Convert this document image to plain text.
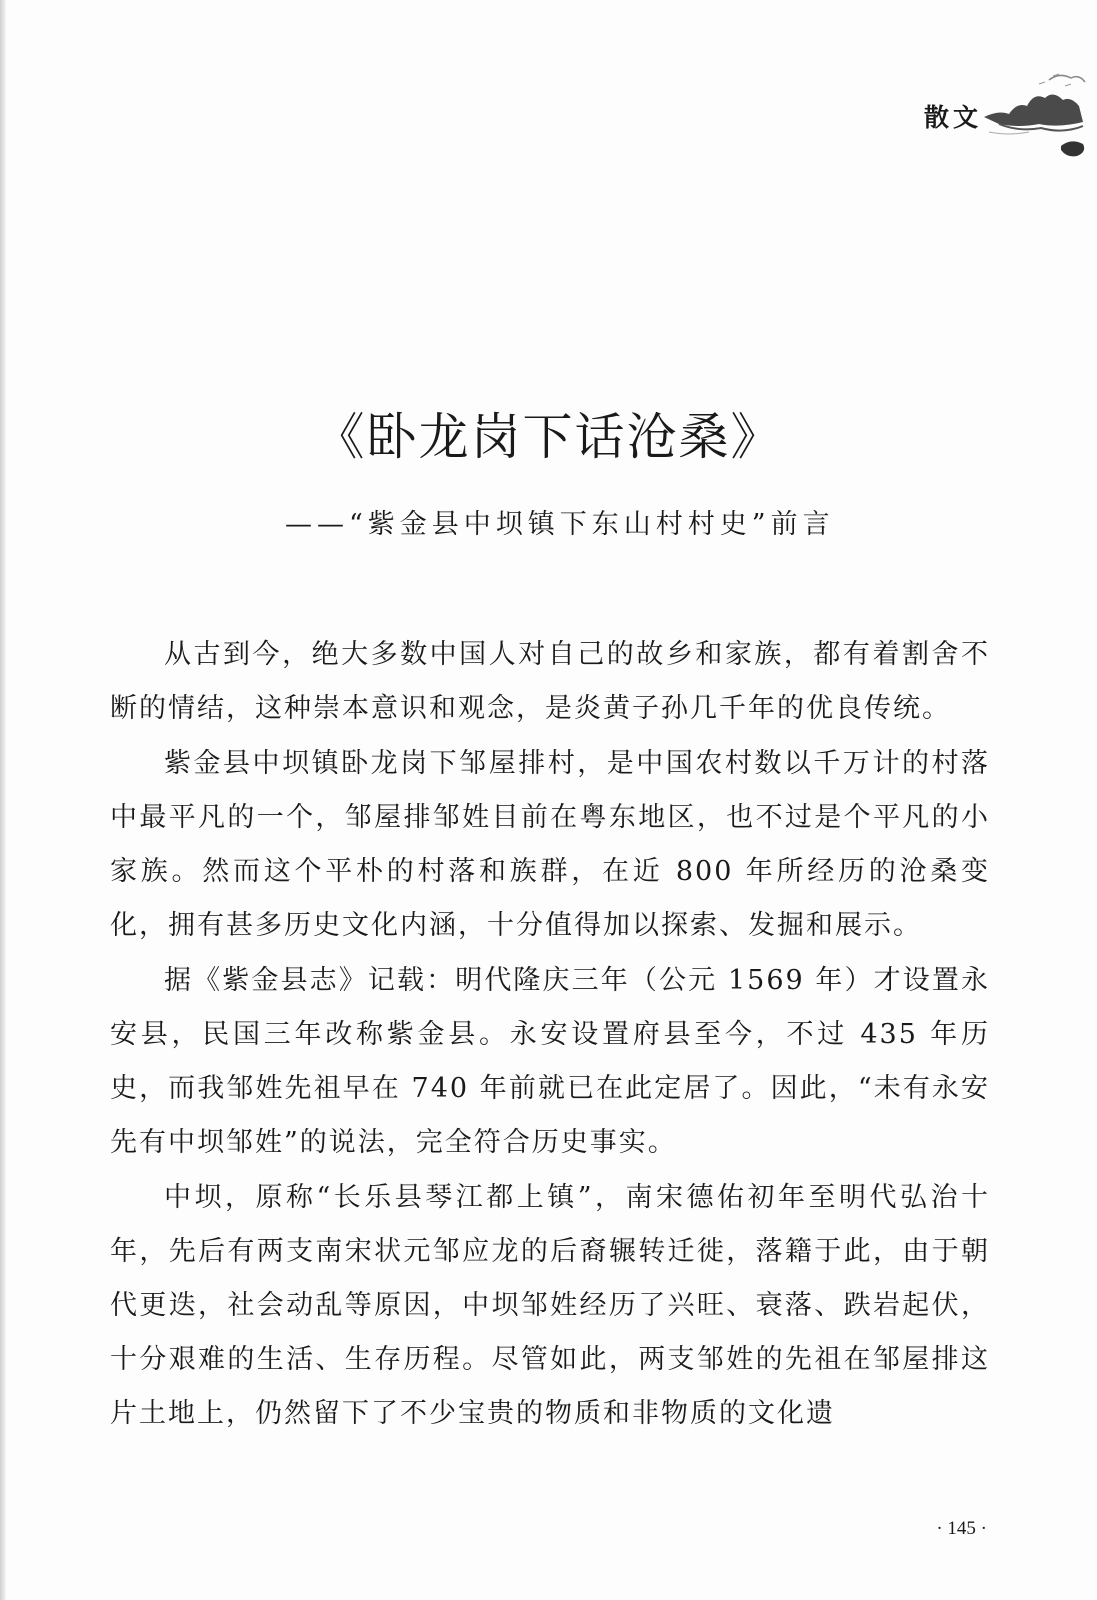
散文
《卧龙岗下话沧桑》
——“紫金县中坝镇下东山村村史”前言

从古到今，绝大多数中国人对自己的故乡和家族，都有着割舍不断的情结，这种崇本意识和观念，是炎黄子孙几千年的优良传统。

紫金县中坝镇卧龙岗下邹屋排村，是中国农村数以千万计的村落中最平凡的一个，邹屋排邹姓目前在粤东地区，也不过是个平凡的小家族。然而这个平朴的村落和族群，在近 800 年所经历的沧桑变化，拥有甚多历史文化内涵，十分值得加以探索、发掘和展示。

据《紫金县志》记载：明代隆庆三年（公元 1569 年）才设置永安县，民国三年改称紫金县。永安设置府县至今，不过 435 年历史，而我邹姓先祖早在 740 年前就已在此定居了。因此，“未有永安先有中坝邹姓”的说法，完全符合历史事实。

中坝，原称“长乐县琴江都上镇”，南宋德佑初年至明代弘治十年，先后有两支南宋状元邹应龙的后裔辗转迁徙，落籍于此，由于朝代更迭，社会动乱等原因，中坝邹姓经历了兴旺、衰落、跌岩起伏，十分艰难的生活、生存历程。尽管如此，两支邹姓的先祖在邹屋排这片土地上，仍然留下了不少宝贵的物质和非物质的文化遗

· 145 ·
